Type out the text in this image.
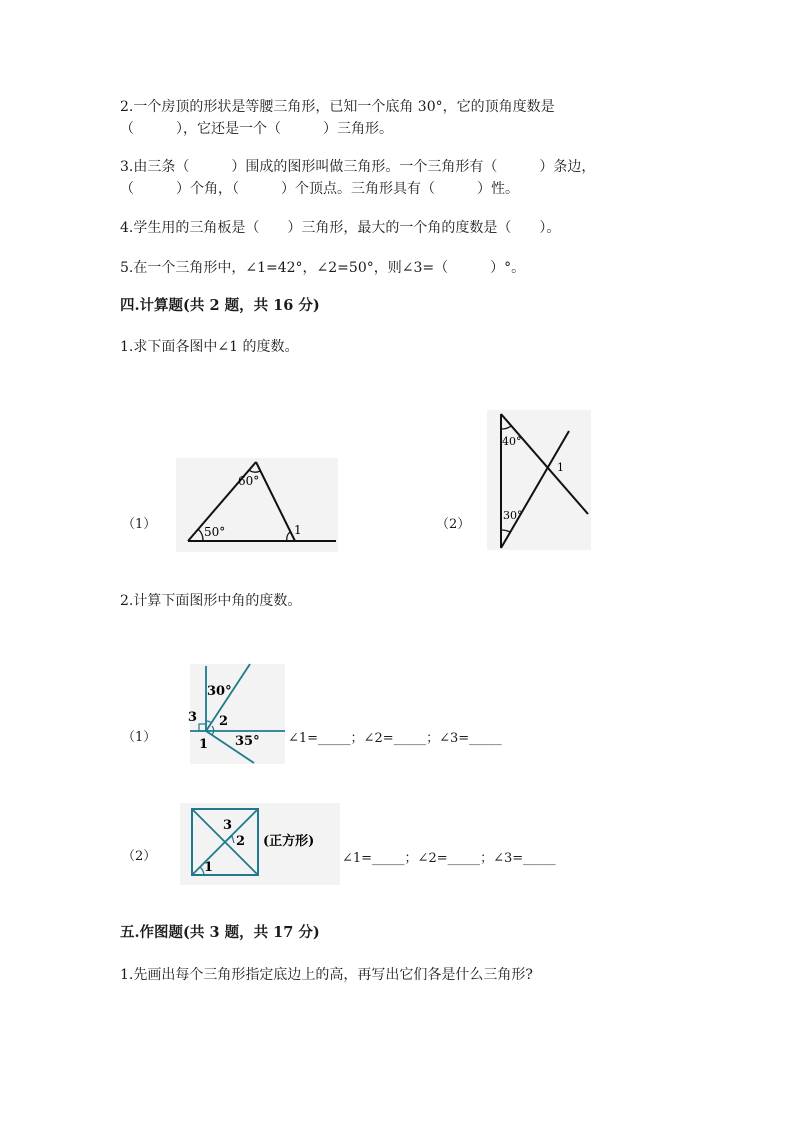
2.一个房顶的形状是等腰三角形，已知一个底角 30°，它的顶角度数是
（　　　），它还是一个（　　　）三角形。
3.由三条（　　　）围成的图形叫做三角形。一个三角形有（　　　）条边，
（　　　）个角，（　　　）个顶点。三角形具有（　　　）性。
4.学生用的三角板是（　　）三角形，最大的一个角的度数是（　　）。
5.在一个三角形中，∠1=42°，∠2=50°，则∠3=（　　　）°。
四.计算题(共 2 题，共 16 分)
1.求下面各图中∠1 的度数。
（1）	50°
60°
1	（2）
40°
30°
1
2.计算下面图形中角的度数。
（1）
30°
35°
1
2
3
∠1=_____；∠2=_____；∠3=_____
（2）
1
2
3
(正方形)
∠1=_____；∠2=_____；∠3=_____
五.作图题(共 3 题，共 17 分)
1.先画出每个三角形指定底边上的高，再写出它们各是什么三角形?
